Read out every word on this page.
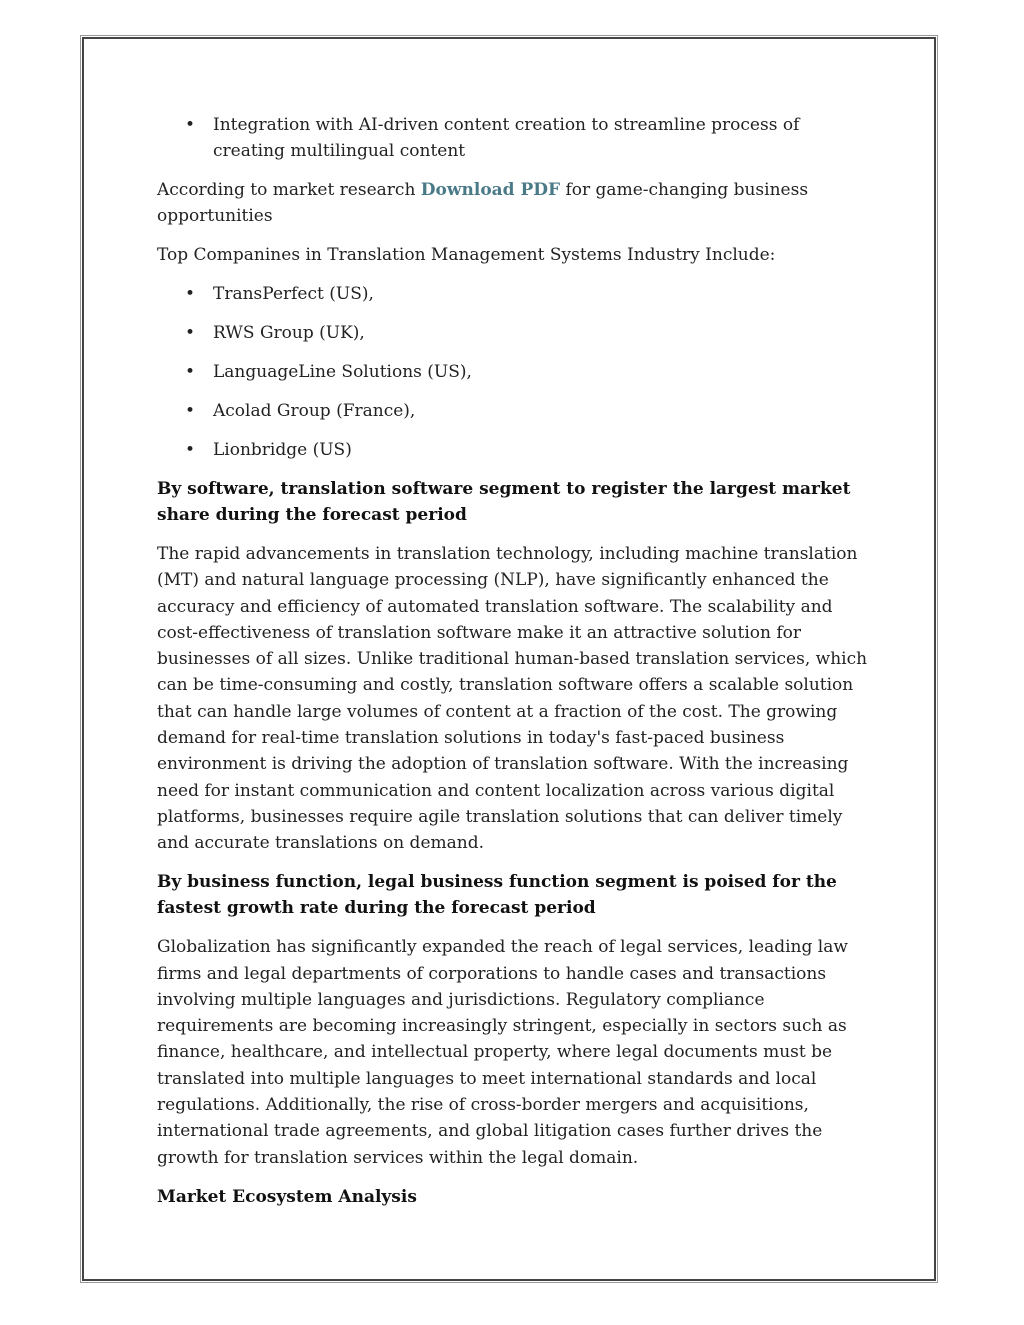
• Integration with AI-driven content creation to streamline process of creating multilingual content

According to market research Download PDF for game-changing business opportunities

Top Companines in Translation Management Systems Industry Include:

• TransPerfect (US),
• RWS Group (UK),
• LanguageLine Solutions (US),
• Acolad Group (France),
• Lionbridge (US)

By software, translation software segment to register the largest market share during the forecast period

The rapid advancements in translation technology, including machine translation (MT) and natural language processing (NLP), have significantly enhanced the accuracy and efficiency of automated translation software. The scalability and cost-effectiveness of translation software make it an attractive solution for businesses of all sizes. Unlike traditional human-based translation services, which can be time-consuming and costly, translation software offers a scalable solution that can handle large volumes of content at a fraction of the cost. The growing demand for real-time translation solutions in today's fast-paced business environment is driving the adoption of translation software. With the increasing need for instant communication and content localization across various digital platforms, businesses require agile translation solutions that can deliver timely and accurate translations on demand.

By business function, legal business function segment is poised for the fastest growth rate during the forecast period

Globalization has significantly expanded the reach of legal services, leading law firms and legal departments of corporations to handle cases and transactions involving multiple languages and jurisdictions. Regulatory compliance requirements are becoming increasingly stringent, especially in sectors such as finance, healthcare, and intellectual property, where legal documents must be translated into multiple languages to meet international standards and local regulations. Additionally, the rise of cross-border mergers and acquisitions, international trade agreements, and global litigation cases further drives the growth for translation services within the legal domain.

Market Ecosystem Analysis
